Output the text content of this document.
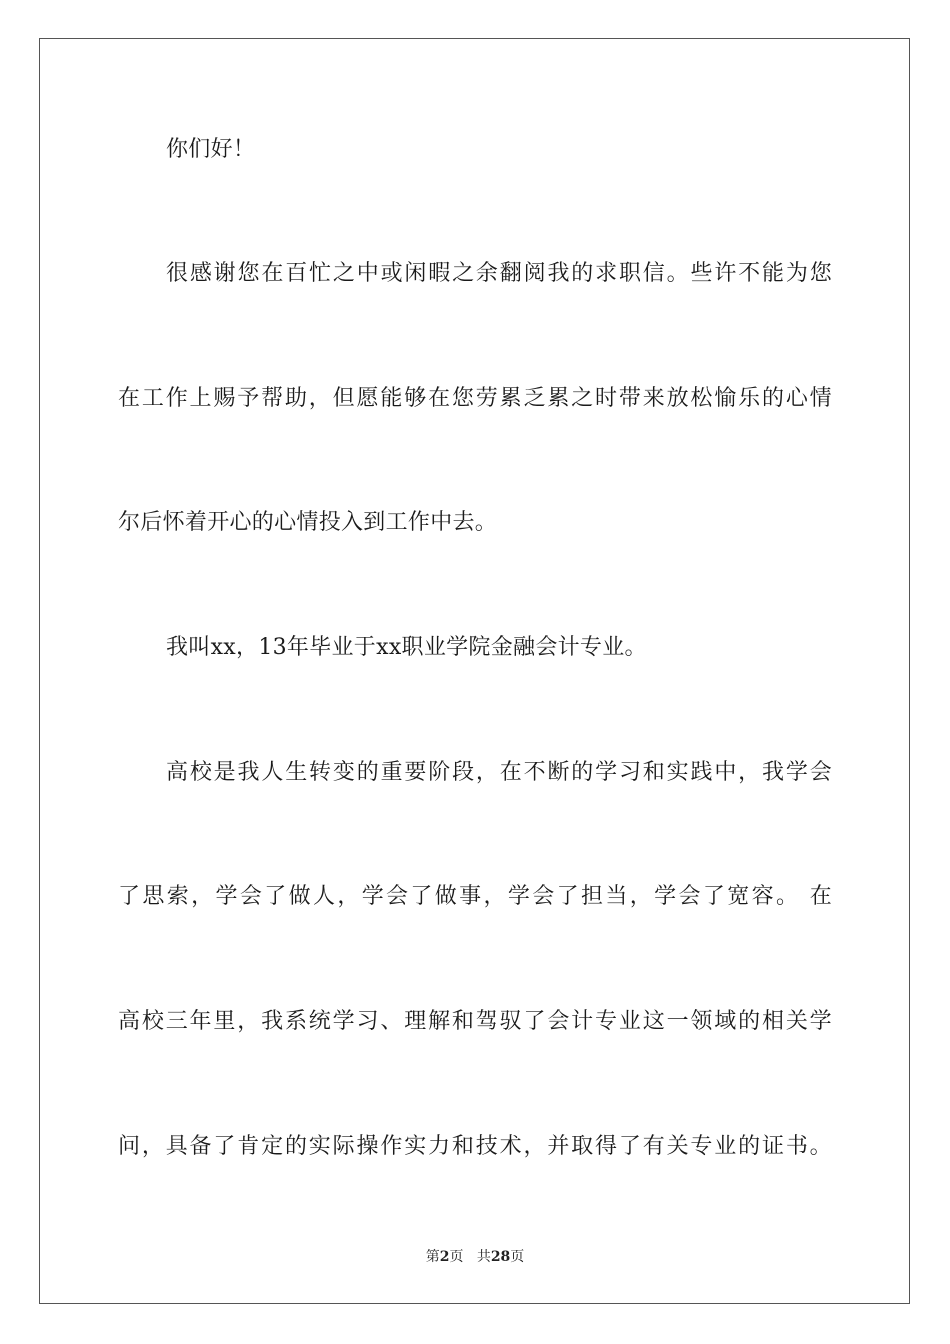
你们好！
很感谢您在百忙之中或闲暇之余翻阅我的求职信。些许不能为您
在工作上赐予帮助，但愿能够在您劳累乏累之时带来放松愉乐的心情
尔后怀着开心的心情投入到工作中去。
我叫xx，13年毕业于xx职业学院金融会计专业。
高校是我人生转变的重要阶段，在不断的学习和实践中，我学会
了思索，学会了做人，学会了做事，学会了担当，学会了宽容。 在
高校三年里，我系统学习、理解和驾驭了会计专业这一领域的相关学
问，具备了肯定的实际操作实力和技术，并取得了有关专业的证书。
第2页 共28页
